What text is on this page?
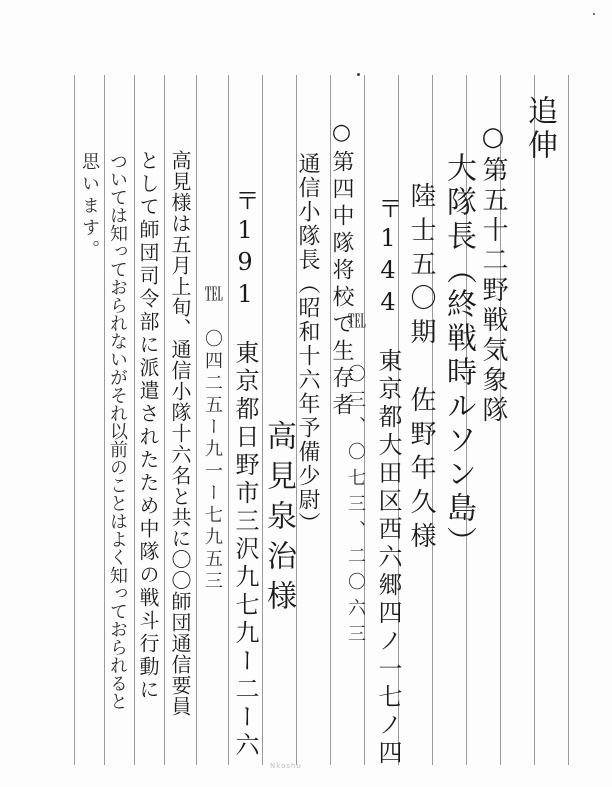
追伸
○第五十二野戦気象隊
大隊長（終戦時ルソン島）
陸士五〇期　佐野年久様
〒144　東京都大田区西六郷四ノ一七ノ四
℡　〇三、〇七三、二〇六三
○第四中隊将校で生存者
通信小隊長（昭和十六年予備少尉）
高見泉治様
〒191　東京都日野市三沢九七九ー二ー六
℡　〇四二五ー九一ー七九五三
高見様は五月上旬、通信小隊十六名と共に〇〇師団通信要員
として師団司令部に派遣されたため中隊の戦斗行動に
ついては知っておられないがそれ以前のことはよく知っておられると
思います。
Nkoshu
